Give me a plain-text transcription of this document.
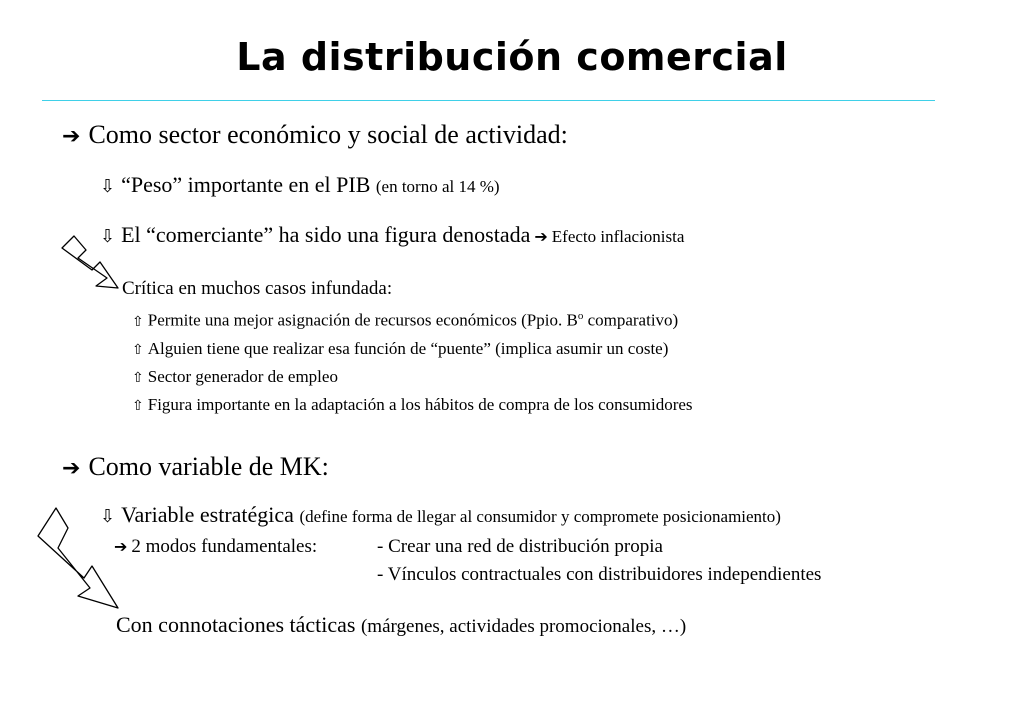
La distribución comercial
➔ Como sector económico y social de actividad:
⇩ “Peso” importante en el PIB (en torno al 14 %)
⇩ El “comerciante” ha sido una figura denostada ➔ Efecto inflacionista
Crítica en muchos casos infundada:
⇧ Permite una mejor asignación de recursos económicos (Ppio. $B^o$ comparativo)
⇧ Alguien tiene que realizar esa función de “puente” (implica asumir un coste)
⇧ Sector generador de empleo
⇧ Figura importante en la adaptación a los hábitos de compra de los consumidores
➔ Como variable de MK:
⇩ Variable estratégica (define forma de llegar al consumidor y compromete posicionamiento)
➔ 2 modos fundamentales:	- Crear una red de distribución propia
- Vínculos contractuales con distribuidores independientes
Con connotaciones tácticas (márgenes, actividades promocionales, …)
